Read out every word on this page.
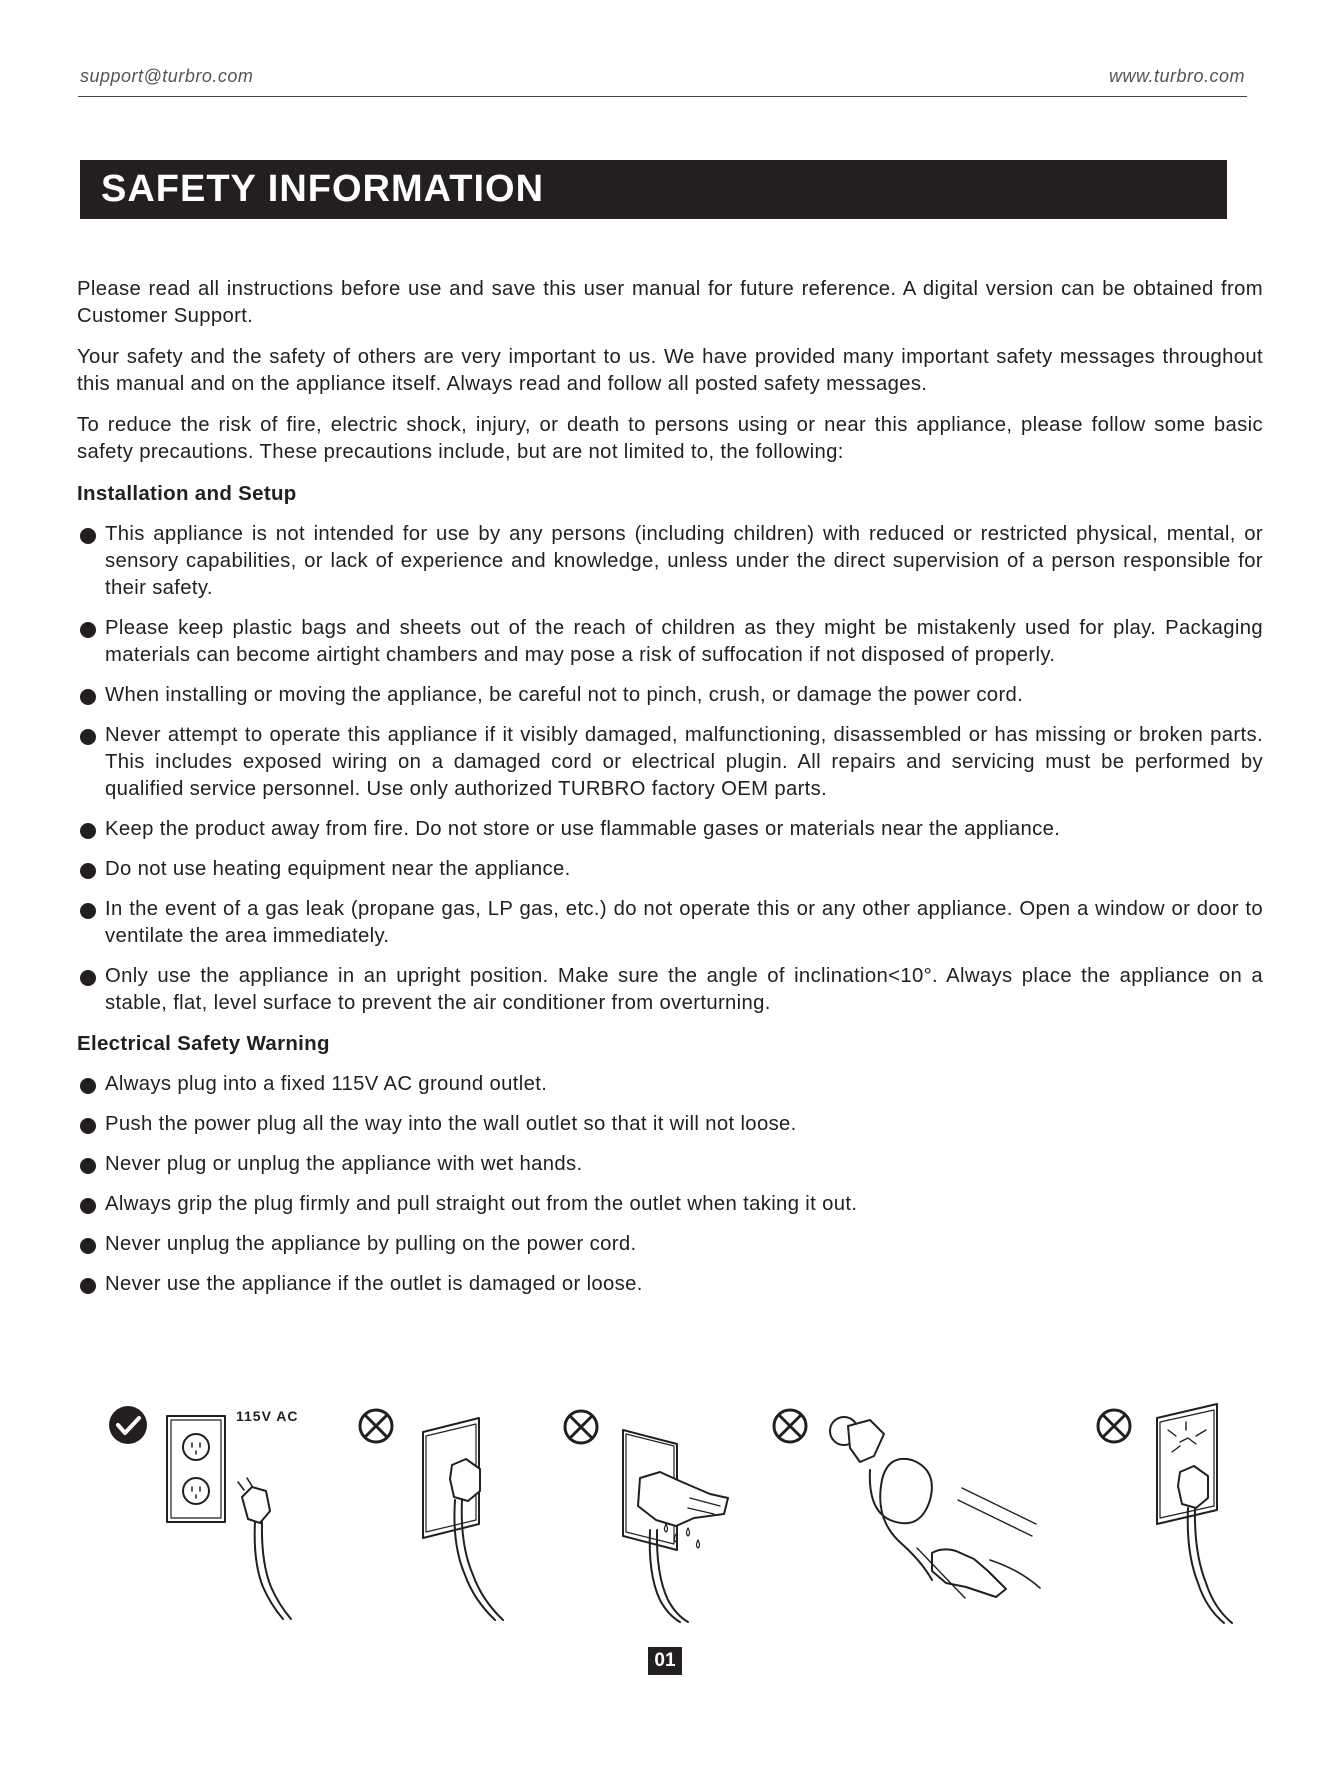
support@turbro.com	www.turbro.com
SAFETY INFORMATION

Please read all instructions before use and save this user manual for future reference. A digital version can be obtained from Customer Support.

Your safety and the safety of others are very important to us. We have provided many important safety messages throughout this manual and on the appliance itself. Always read and follow all posted safety messages.

To reduce the risk of fire, electric shock, injury, or death to persons using or near this appliance, please follow some basic safety precautions. These precautions include, but are not limited to, the following:

Installation and Setup
This appliance is not intended for use by any persons (including children) with reduced or restricted physical, mental, or sensory capabilities, or lack of experience and knowledge, unless under the direct supervision of a person responsible for their safety.
Please keep plastic bags and sheets out of the reach of children as they might be mistakenly used for play. Packaging materials can become airtight chambers and may pose a risk of suffocation if not disposed of properly.
When installing or moving the appliance, be careful not to pinch, crush, or damage the power cord.
Never attempt to operate this appliance if it visibly damaged, malfunctioning, disassembled or has missing or broken parts. This includes exposed wiring on a damaged cord or electrical plugin. All repairs and servicing must be performed by qualified service personnel. Use only authorized TURBRO factory OEM parts.
Keep the product away from fire. Do not store or use flammable gases or materials near the appliance.
Do not use heating equipment near the appliance.
In the event of a gas leak (propane gas, LP gas, etc.) do not operate this or any other appliance. Open a window or door to ventilate the area immediately.
Only use the appliance in an upright position. Make sure the angle of inclination<10°. Always place the appliance on a stable, flat, level surface to prevent the air conditioner from overturning.
Electrical Safety Warning
Always plug into a fixed 115V AC ground outlet.
Push the power plug all the way into the wall outlet so that it will not loose.
Never plug or unplug the appliance with wet hands.
Always grip the plug firmly and pull straight out from the outlet when taking it out.
Never unplug the appliance by pulling on the power cord.
Never use the appliance if the outlet is damaged or loose.
115V AC
01
